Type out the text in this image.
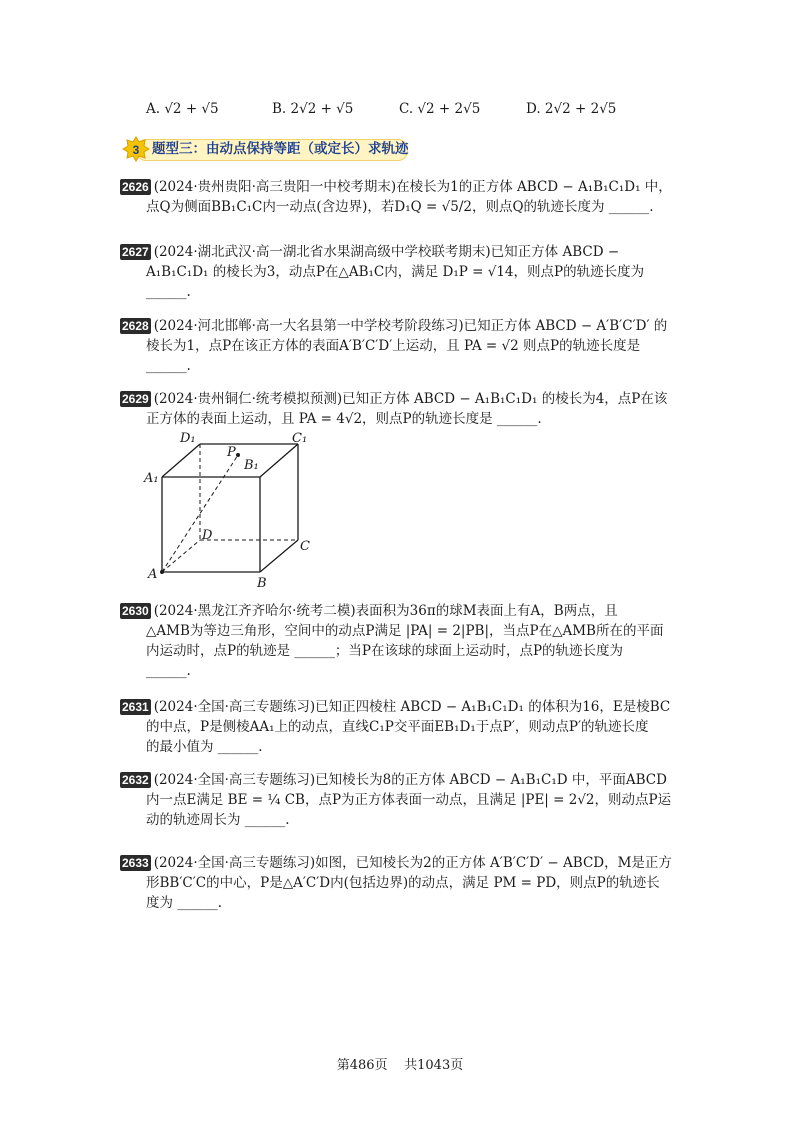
A. √2 + √5	B. 2√2 + √5	C. √2 + 2√5	D. 2√2 + 2√5
3 题型三：由动点保持等距（或定长）求轨迹
2626 (2024·贵州贵阳·高三贵阳一中校考期末)在棱长为1的正方体 ABCD − A₁B₁C₁D₁ 中，
点Q为侧面BB₁C₁C内一动点(含边界)，若D₁Q = √5/2，则点Q的轨迹长度为 ______.
2627 (2024·湖北武汉·高一湖北省水果湖高级中学校联考期末)已知正方体 ABCD −
A₁B₁C₁D₁ 的棱长为3，动点P在△AB₁C内，满足 D₁P = √14，则点P的轨迹长度为
______.
2628 (2024·河北邯郸·高一大名县第一中学校考阶段练习)已知正方体 ABCD − A′B′C′D′ 的
棱长为1，点P在该正方体的表面A′B′C′D′上运动，且 PA = √2 则点P的轨迹长度是
______.
2629 (2024·贵州铜仁·统考模拟预测)已知正方体 ABCD − A₁B₁C₁D₁ 的棱长为4，点P在该
正方体的表面上运动，且 PA = 4√2，则点P的轨迹长度是 ______.
D₁	C₁
P
B₁
A₁
D
C
A
B
2630 (2024·黑龙江齐齐哈尔·统考二模)表面积为36π的球M表面上有A，B两点，且
△AMB为等边三角形，空间中的动点P满足 |PA| = 2|PB|，当点P在△AMB所在的平面
内运动时，点P的轨迹是 ______；当P在该球的球面上运动时，点P的轨迹长度为
______.
2631 (2024·全国·高三专题练习)已知正四棱柱 ABCD − A₁B₁C₁D₁ 的体积为16，E是棱BC
的中点，P是侧棱AA₁上的动点，直线C₁P交平面EB₁D₁于点P′，则动点P′的轨迹长度
的最小值为 ______.
2632 (2024·全国·高三专题练习)已知棱长为8的正方体 ABCD − A₁B₁C₁D 中，平面ABCD
内一点E满足 BE = ¼ CB，点P为正方体表面一动点，且满足 |PE| = 2√2，则动点P运
动的轨迹周长为 ______.
2633 (2024·全国·高三专题练习)如图，已知棱长为2的正方体 A′B′C′D′ − ABCD，M是正方
形BB′C′C的中心，P是△A′C′D内(包括边界)的动点，满足 PM = PD，则点P的轨迹长
度为 ______.
第486页 共1043页
